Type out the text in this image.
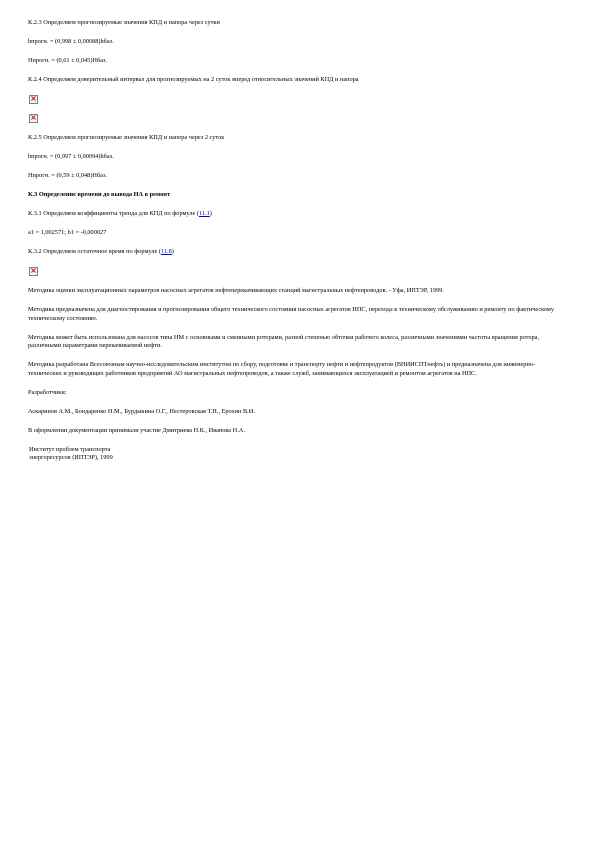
К.2.3 Определяем прогнозируемые значения КПД и напора через сутки

hпрогн. = (0,998 ± 0,00088)hбаз.

Нпрогн. = (0,61 ± 0,045)Нбаз.

К.2.4 Определяем доверительный интервал для прогнозируемых на 2 суток вперед относительных значений КПД и напора

×
×

К.2.5 Определяем прогнозируемые значения КПД и напора через 2 суток

hпрогн. = (0,997 ± 0,00094)hбаз.

Нпрогн. = (0,59 ± 0,048)Нбаз.

К.3 Определение времени до вывода НА в ремонт

К.3.1 Определяем коэффициенты тренда для КПД по формуле (11.1)

a1 = 1,002571; b1 = -0,000027

К.3.2 Определяем остаточное время по формуле (11.8)

×

Методика оценки эксплуатационных параметров насосных агрегатов нефтеперекачивающих станций магистральных нефтепроводов. - Уфа, ИПТЭР, 1999.

Методика предназначена для диагностирования и прогнозирования общего технического состояния насосных агрегатов НПС, перехода к техническому обслуживанию и ремонту по фактическому техническому состоянию.

Методика может быть использована для насосов типа НМ с основными и сменными роторами, разной степенью обточки рабочего колеса, различными значениями частоты вращения ротора, различными параметрами перекачиваемой нефти.

Методика разработана Всесоюзным научно-исследовательским институтом по сбору, подготовке и транспорту нефти и нефтепродуктов (ВНИИСПТнефть) и предназначена для инженерно-технических и руководящих работников предприятий АО магистральных нефтепроводов, а также служб, занимающихся эксплуатацией и ремонтом агрегатов на НПС.

Разработчики:

Аскаринов А.М., Бондаренко Н.М., Бурдыкина О.Г., Нестеровская Т.Н., Ерохин В.И.

В оформлении документации принимали участие Дмитриева Н.К., Иванова Н.А.

Институт проблем транспорта
энергоресурсов (ИПТЭР), 1999
